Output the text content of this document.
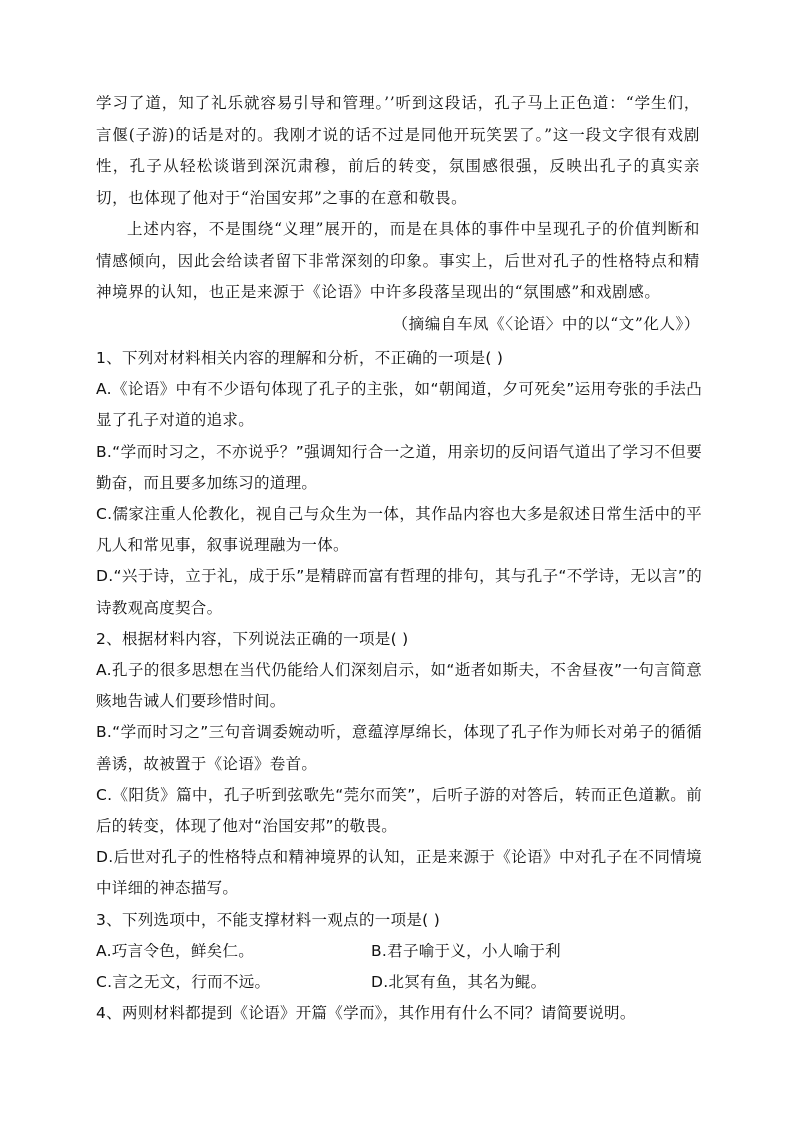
学习了道，知了礼乐就容易引导和管理。’’听到这段话，孔子马上正色道：“学生们，言偃(子游)的话是对的。我刚才说的话不过是同他开玩笑罢了。”这一段文字很有戏剧性，孔子从轻松谈谐到深沉肃穆，前后的转变，氛围感很强，反映出孔子的真实亲切，也体现了他对于“治国安邦”之事的在意和敬畏。

上述内容，不是围绕“义理”展开的，而是在具体的事件中呈现孔子的价值判断和情感倾向，因此会给读者留下非常深刻的印象。事实上，后世对孔子的性格特点和精神境界的认知，也正是来源于《论语》中许多段落呈现出的“氛围感”和戏剧感。

（摘编自车凤《〈论语〉中的以“文”化人》）

1、下列对材料相关内容的理解和分析，不正确的一项是( )

A.《论语》中有不少语句体现了孔子的主张，如“朝闻道，夕可死矣”运用夸张的手法凸显了孔子对道的追求。

B.“学而时习之，不亦说乎？”强调知行合一之道，用亲切的反问语气道出了学习不但要勤奋，而且要多加练习的道理。

C.儒家注重人伦教化，视自己与众生为一体，其作品内容也大多是叙述日常生活中的平凡人和常见事，叙事说理融为一体。

D.“兴于诗，立于礼，成于乐”是精辟而富有哲理的排句，其与孔子“不学诗，无以言”的诗教观高度契合。

2、根据材料内容，下列说法正确的一项是( )

A.孔子的很多思想在当代仍能给人们深刻启示，如“逝者如斯夫，不舍昼夜”一句言简意赅地告诫人们要珍惜时间。

B.“学而时习之”三句音调委婉动听，意蕴淳厚绵长，体现了孔子作为师长对弟子的循循善诱，故被置于《论语》卷首。

C.《阳货》篇中，孔子听到弦歌先“莞尔而笑”，后听子游的对答后，转而正色道歉。前后的转变，体现了他对“治国安邦”的敬畏。

D.后世对孔子的性格特点和精神境界的认知，正是来源于《论语》中对孔子在不同情境中详细的神态描写。

3、下列选项中，不能支撑材料一观点的一项是( )

A.巧言令色，鲜矣仁。	B.君子喻于义，小人喻于利
C.言之无文，行而不远。	D.北冥有鱼，其名为鲲。

4、两则材料都提到《论语》开篇《学而》，其作用有什么不同？请简要说明。
